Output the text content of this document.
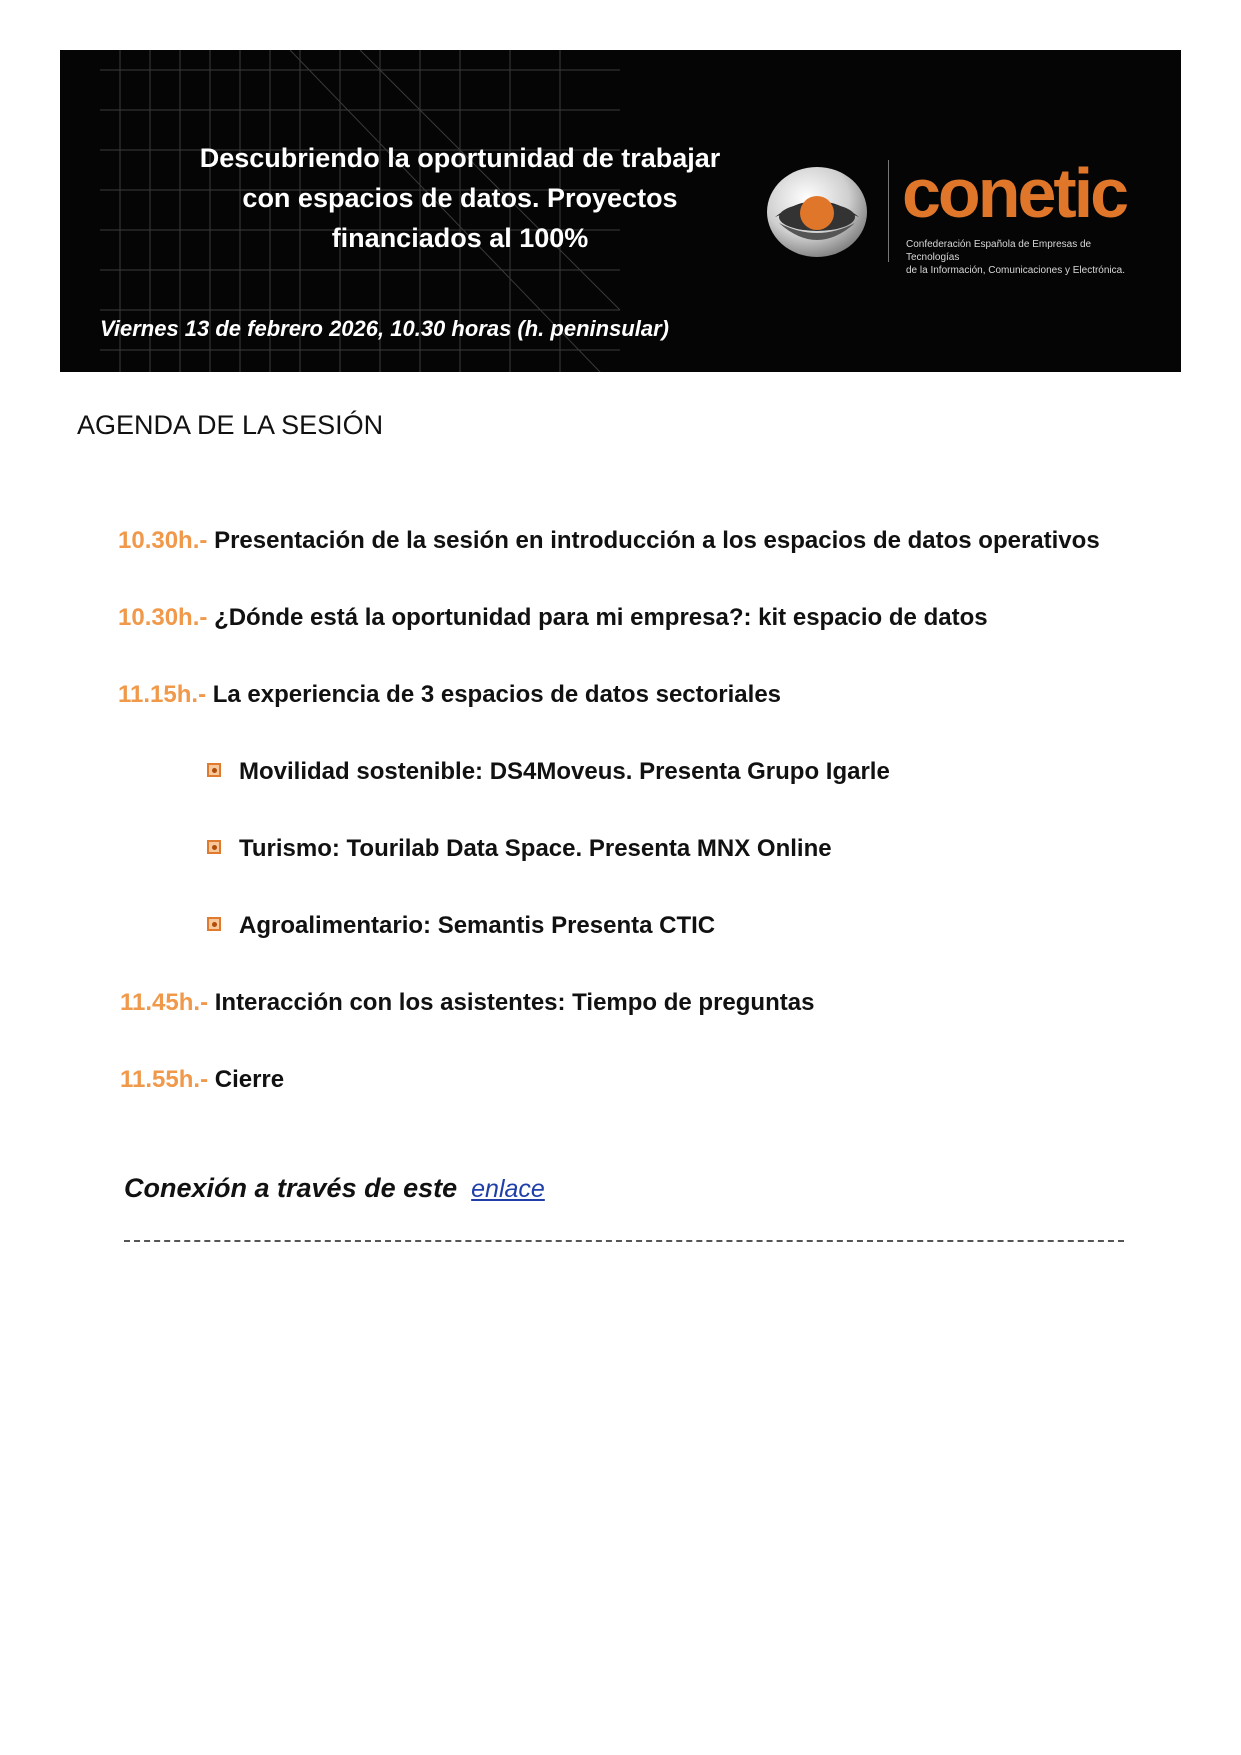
Descubriendo la oportunidad de trabajar
con espacios de datos. Proyectos
financiados al 100%
Viernes 13 de febrero 2026, 10.30 horas (h. peninsular)
conetic
Confederación Española de Empresas de Tecnologías
de la Información, Comunicaciones y Electrónica.
AGENDA DE LA SESIÓN
10.30h.- Presentación de la sesión en introducción a los espacios de datos operativos
10.30h.- ¿Dónde está la oportunidad para mi empresa?: kit espacio de datos
11.15h.- La experiencia de 3 espacios de datos sectoriales
Movilidad sostenible: DS4Moveus. Presenta Grupo Igarle
Turismo: Tourilab Data Space. Presenta MNX Online
Agroalimentario: Semantis Presenta CTIC
11.45h.- Interacción con los asistentes: Tiempo de preguntas
11.55h.- Cierre
Conexión a través de este enlace
